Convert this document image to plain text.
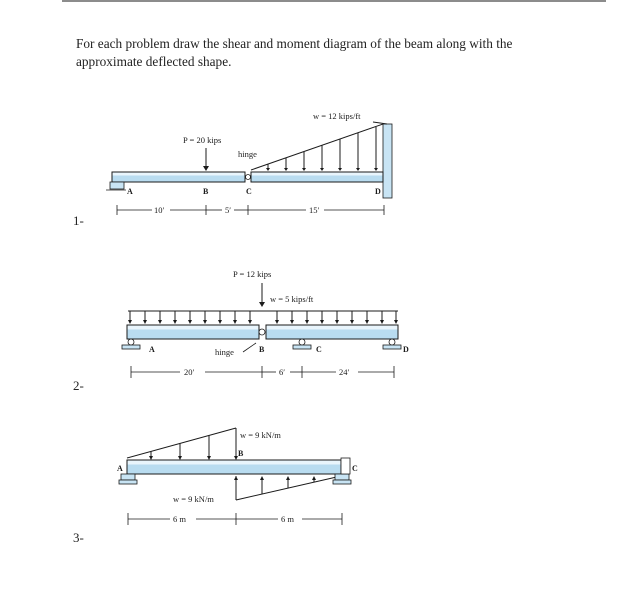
For each problem draw the shear and moment diagram of the beam along with the approximate deflected shape.
1-
2-
3-
P = 20 kips
hinge
w = 12 kips/ft
A	B	C	D
10′	5′	15′
P = 12 kips
w = 5 kips/ft
A	hinge	B	C	D
20′	6′	24′
w = 9 kN/m
B
A
w = 9 kN/m
C
6 m	6 m
